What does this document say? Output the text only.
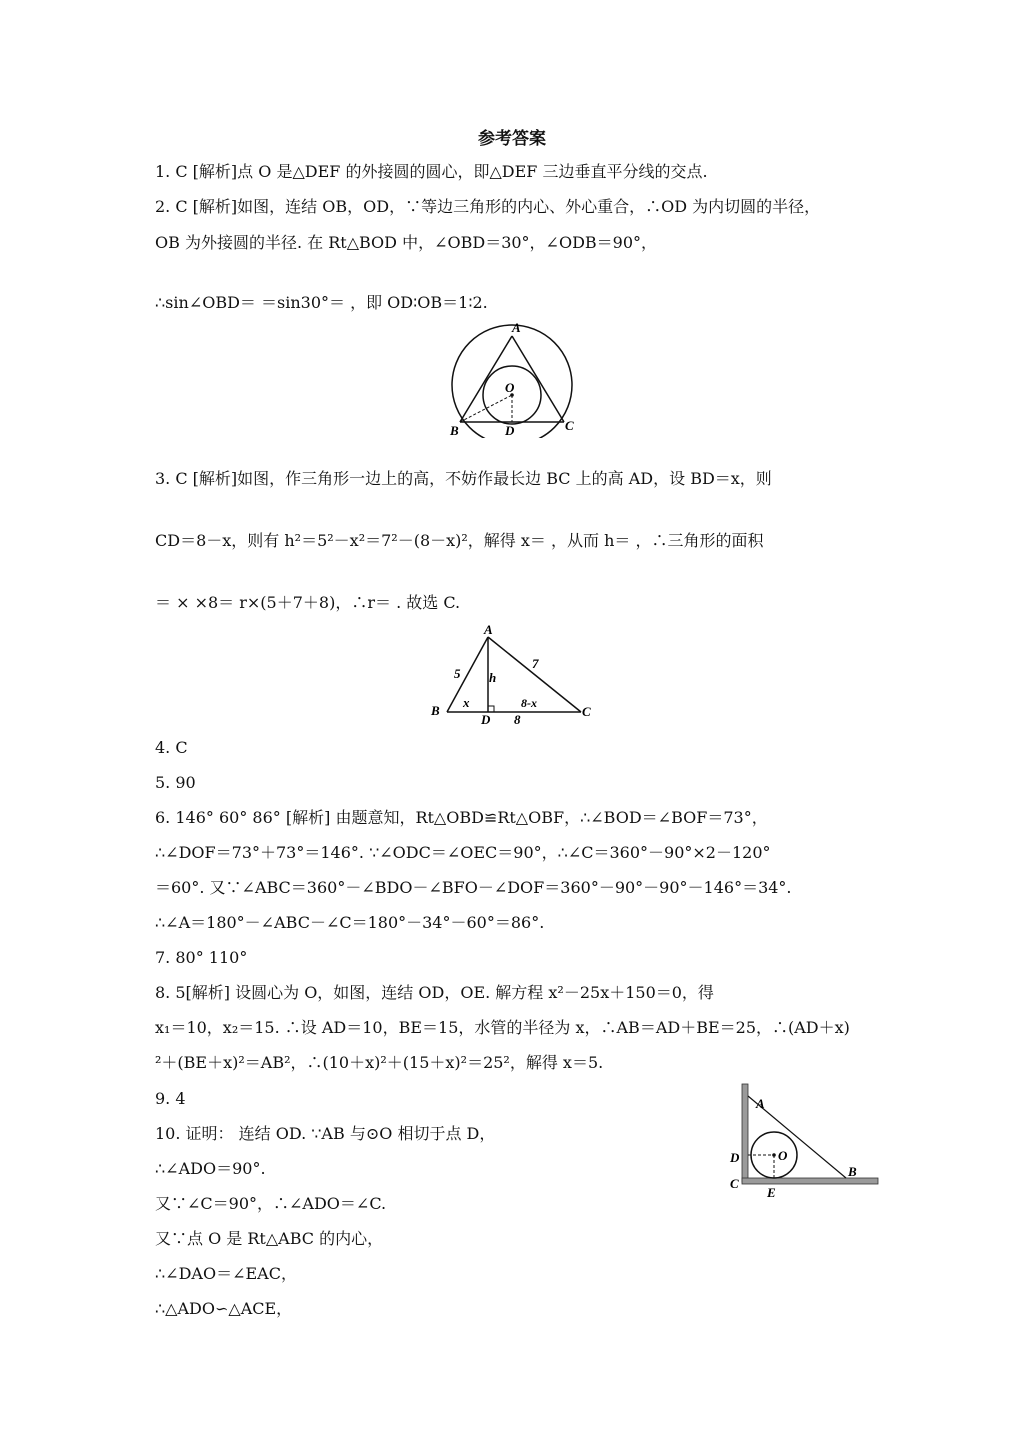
参考答案
1. C [解析]点 O 是△DEF 的外接圆的圆心，即△DEF 三边垂直平分线的交点.
2. C [解析]如图，连结 OB，OD，∵等边三角形的内心、外心重合，∴OD 为内切圆的半径，
OB 为外接圆的半径. 在 Rt△BOD 中，∠OBD＝30°，∠ODB＝90°，
∴sin∠OBD＝ ＝sin30°＝ ，即 OD∶OB＝1∶2.
A
O
B	D	C
3. C [解析]如图，作三角形一边上的高，不妨作最长边 BC 上的高 AD，设 BD＝x，则
CD＝8－x，则有 h²＝5²－x²＝7²－(8－x)²，解得 x＝ ，从而 h＝ ，∴三角形的面积
＝ × ×8＝ r×(5＋7＋8)，∴r＝ . 故选 C.
A
B	C
D
h
x
5
7
8-x
8
4. C
5. 90
6. 146° 60° 86° [解析] 由题意知，Rt△OBD≌Rt△OBF，∴∠BOD＝∠BOF＝73°，
∴∠DOF＝73°＋73°＝146°. ∵∠ODC＝∠OEC＝90°，∴∠C＝360°－90°×2－120°
＝60°. 又∵∠ABC＝360°－∠BDO－∠BFO－∠DOF＝360°－90°－90°－146°＝34°.
∴∠A＝180°－∠ABC－∠C＝180°－34°－60°＝86°.
7. 80° 110°
8. 5[解析] 设圆心为 O，如图，连结 OD，OE. 解方程 x²－25x＋150＝0，得
x₁＝10，x₂＝15. ∴设 AD＝10，BE＝15，水管的半径为 x，∴AB＝AD＋BE＝25，∴(AD＋x)
²＋(BE＋x)²＝AB²，∴(10＋x)²＋(15＋x)²＝25²，解得 x＝5.
9. 4
10. 证明： 连结 OD. ∵AB 与⊙O 相切于点 D，
∴∠ADO＝90°.
又∵∠C＝90°，∴∠ADO＝∠C.
又∵点 O 是 Rt△ABC 的内心，
∴∠DAO＝∠EAC，
∴△ADO∽△ACE，
A
B
C
D
E
O
